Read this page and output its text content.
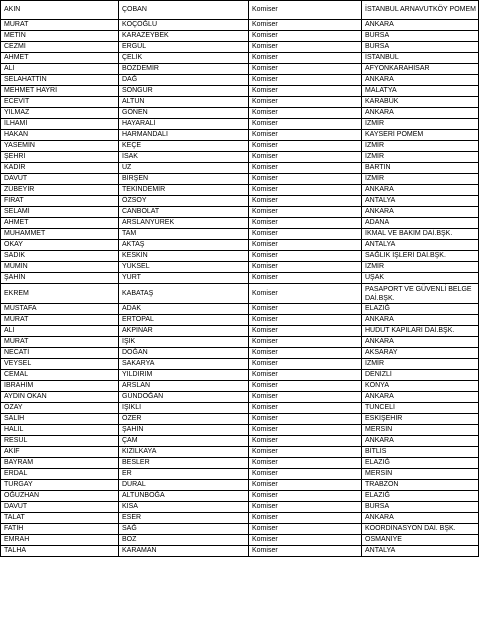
AKIN	ÇOBAN	Komiser	İSTANBUL ARNAVUTKÖY POMEM
MURAT	KOÇOĞLU	Komiser	ANKARA
METİN	KARAZEYBEK	Komiser	BURSA
CEZMİ	ERGÜL	Komiser	BURSA
AHMET	ÇELİK	Komiser	İSTANBUL
ALİ	BOZDEMİR	Komiser	AFYONKARAHİSAR
SELAHATTİN	DAĞ	Komiser	ANKARA
MEHMET HAYRİ	SONGUR	Komiser	MALATYA
ECEVİT	ALTUN	Komiser	KARABÜK
YILMAZ	GÖNEN	Komiser	ANKARA
İLHAMİ	HAYARALİ	Komiser	İZMİR
HAKAN	HARMANDALI	Komiser	KAYSERİ POMEM
YASEMİN	KEÇE	Komiser	İZMİR
ŞEHRİ	İSAK	Komiser	İZMİR
KADİR	UZ	Komiser	BARTIN
DAVUT	BİRŞEN	Komiser	İZMİR
ZÜBEYİR	TEKİNDEMİR	Komiser	ANKARA
FIRAT	ÖZSOY	Komiser	ANTALYA
SELAMİ	CANBOLAT	Komiser	ANKARA
AHMET	ARSLANYÜREK	Komiser	ADANA
MUHAMMET	TAM	Komiser	İKMAL VE BAKIM DAİ.BŞK.
OKAY	AKTAŞ	Komiser	ANTALYA
SADIK	KESKİN	Komiser	SAĞLIK İŞLERİ DAİ.BŞK.
MÜMİN	YÜKSEL	Komiser	İZMİR
ŞAHİN	YURT	Komiser	UŞAK
EKREM	KABATAŞ	Komiser	PASAPORT VE GÜVENLİ BELGE DAİ.BŞK.
MUSTAFA	ADAK	Komiser	ELAZIĞ
MURAT	ERTOPAL	Komiser	ANKARA
ALİ	AKPINAR	Komiser	HUDUT KAPILARI DAİ.BŞK.
MURAT	IŞIK	Komiser	ANKARA
NECATİ	DOĞAN	Komiser	AKSARAY
VEYSEL	SAKARYA	Komiser	İZMİR
CEMAL	YILDIRIM	Komiser	DENİZLİ
İBRAHİM	ARSLAN	Komiser	KONYA
AYDIN OKAN	GÜNDOĞAN	Komiser	ANKARA
ÖZAY	IŞIKLI	Komiser	TUNCELİ
SALİH	ÖZER	Komiser	ESKİŞEHİR
HALİL	ŞAHİN	Komiser	MERSİN
RESUL	ÇAM	Komiser	ANKARA
AKİF	KIZILKAYA	Komiser	BİTLİS
BAYRAM	BESLER	Komiser	ELAZIĞ
ERDAL	ER	Komiser	MERSİN
TURGAY	DURAL	Komiser	TRABZON
OĞUZHAN	ALTUNBOĞA	Komiser	ELAZIĞ
DAVUT	KISA	Komiser	BURSA
TALAT	ESER	Komiser	ANKARA
FATİH	SAĞ	Komiser	KOORDİNASYON DAİ. BŞK.
EMRAH	BOZ	Komiser	OSMANİYE
TALHA	KARAMAN	Komiser	ANTALYA
